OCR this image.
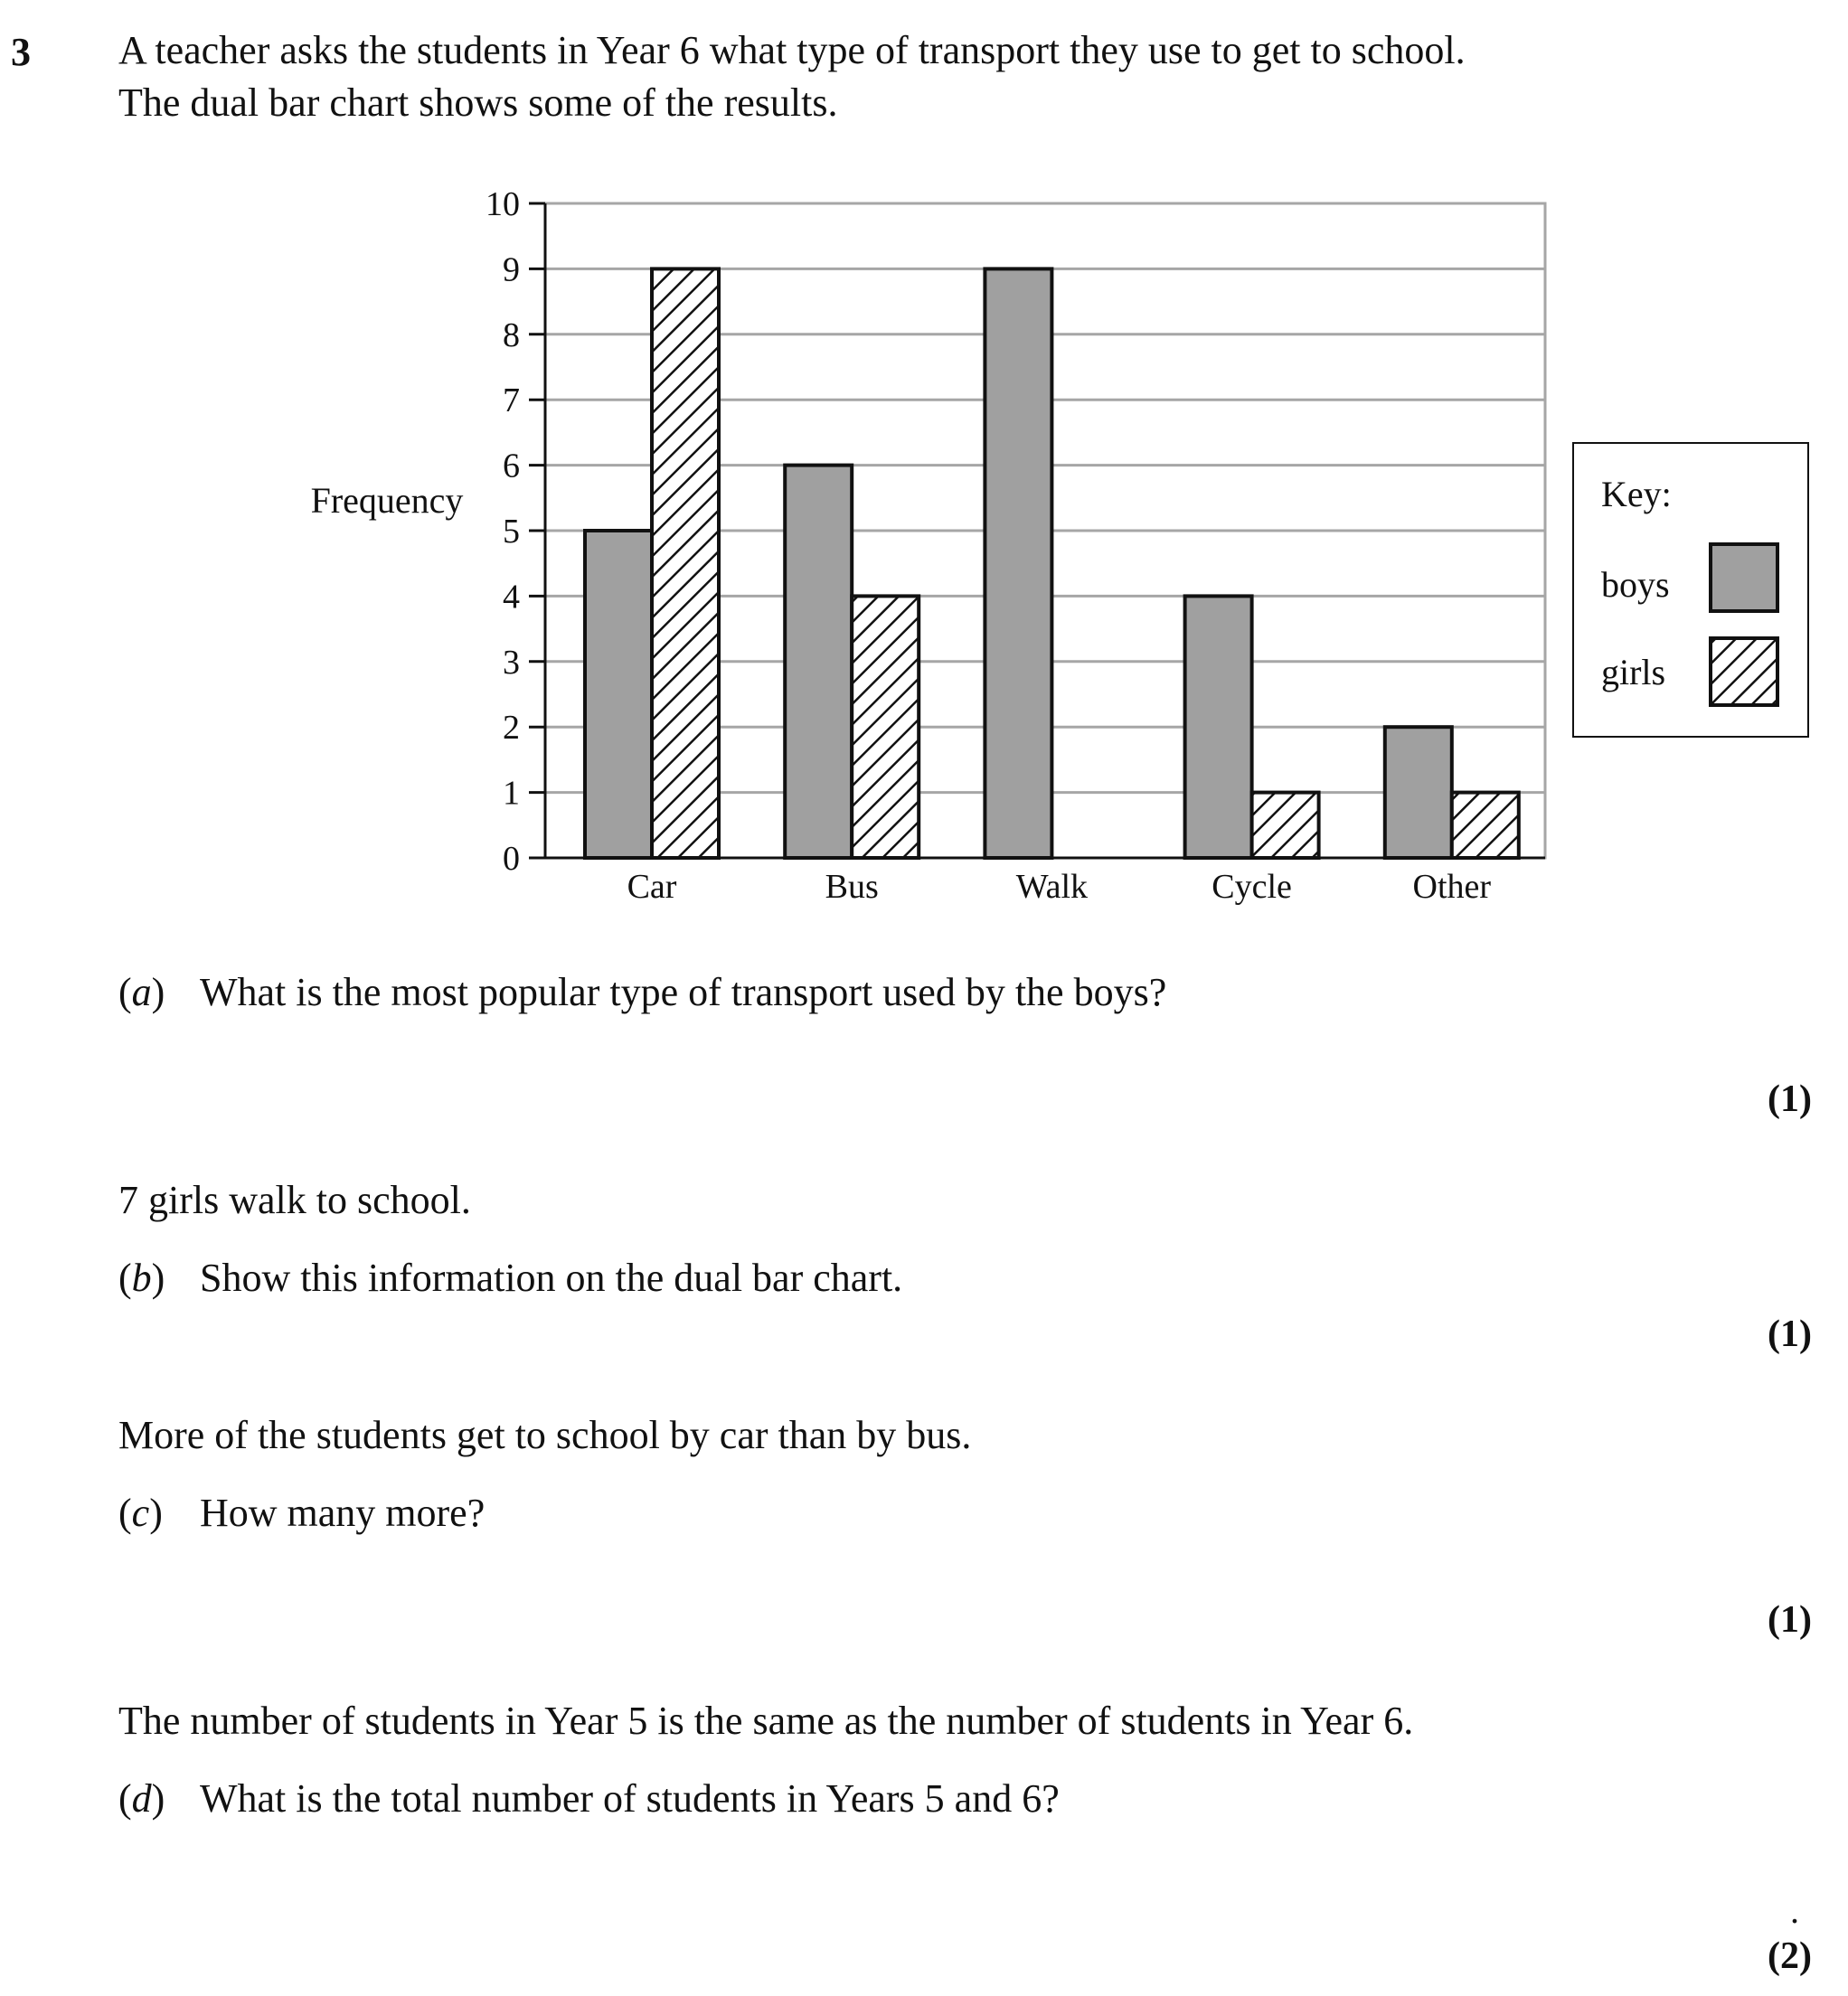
3 A teacher asks the students in Year 6 what type of transport they use to get to school.
The dual bar chart shows some of the results.
0
1
2
3
4
5
6
7
8
9
10
Car	Bus	Walk	Cycle	Other
Frequency	Key:
boys
girls
(a) What is the most popular type of transport used by the boys?
(1)
7 girls walk to school.
(b) Show this information on the dual bar chart.
(1)
More of the students get to school by car than by bus.
(c) How many more?
(1)
The number of students in Year 5 is the same as the number of students in Year 6.
(d) What is the total number of students in Years 5 and 6?
.
(2)
